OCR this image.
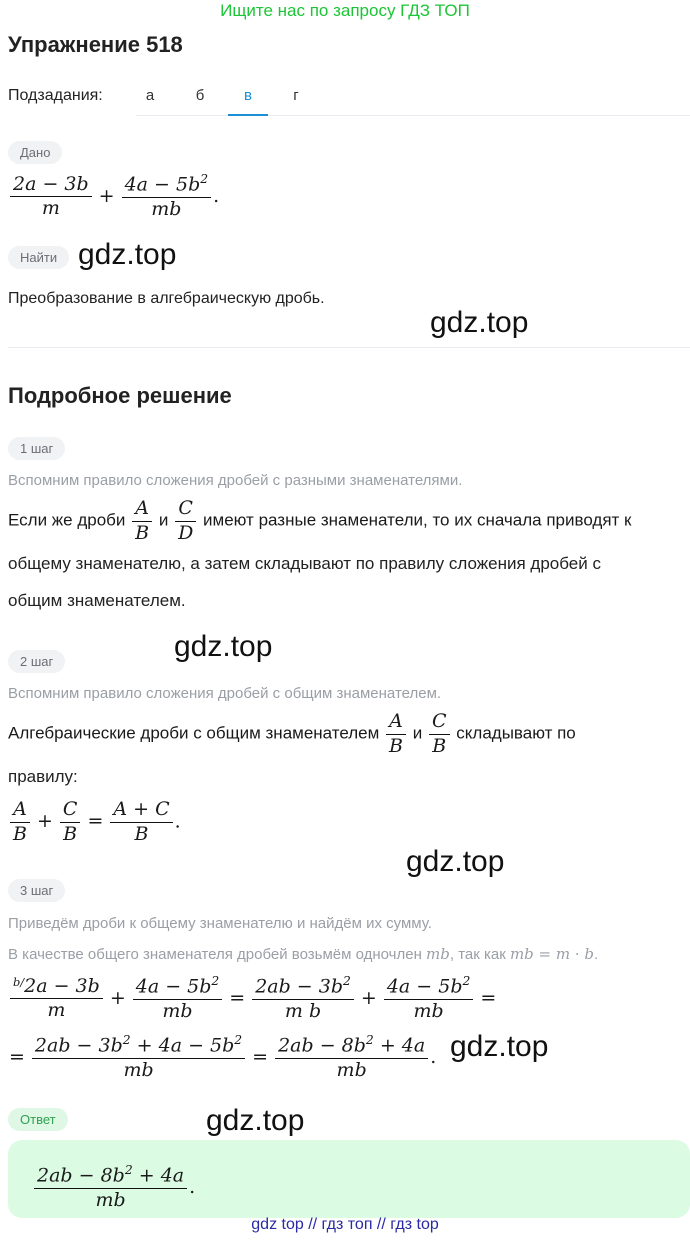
Ищите нас по запросу ГДЗ ТОП
Упражнение 518
Подзадания:	а	б	в	г
Дано
$\frac{2a - 3b}{m} + \frac{4a - 5b^2}{mb}$ .
Найти gdz.top
Преобразование в алгебраическую дробь.
gdz.top
Подробное решение
1 шаг
Вспомним правило сложения дробей с разными знаменателями.
Если же дроби $\frac{A}{B}$ и $\frac{C}{D}$ имеют разные знаменатели, то их сначала приводят к
общему знаменателю, а затем складывают по правилу сложения дробей с
общим знаменателем.
gdz.top
2 шаг
Вспомним правило сложения дробей с общим знаменателем.
Алгебраические дроби с общим знаменателем $\frac{A}{B}$ и $\frac{C}{B}$ складывают по
правилу:
$\frac{A}{B} + \frac{C}{B} = \frac{A + C}{B}$ .
gdz.top
3 шаг
Приведём дроби к общему знаменателю и найдём их сумму.
В качестве общего знаменателя дробей возьмём одночлен mb, так как mb = m · b.
$\frac{^{b/}2a - 3b}{m} + \frac{4a - 5b^2}{mb} = \frac{2ab - 3b^2}{\text{m b}} + \frac{4a - 5b^2}{mb}$ =
= $\frac{2ab - 3b^2 + 4a - 5b^2}{mb} = \frac{2ab - 8b^2 + 4a}{mb}$ . gdz.top
Ответ	gdz.top
$\frac{2ab - 8b^2 + 4a}{mb}$ .
gdz top // гдз топ // гдз top
